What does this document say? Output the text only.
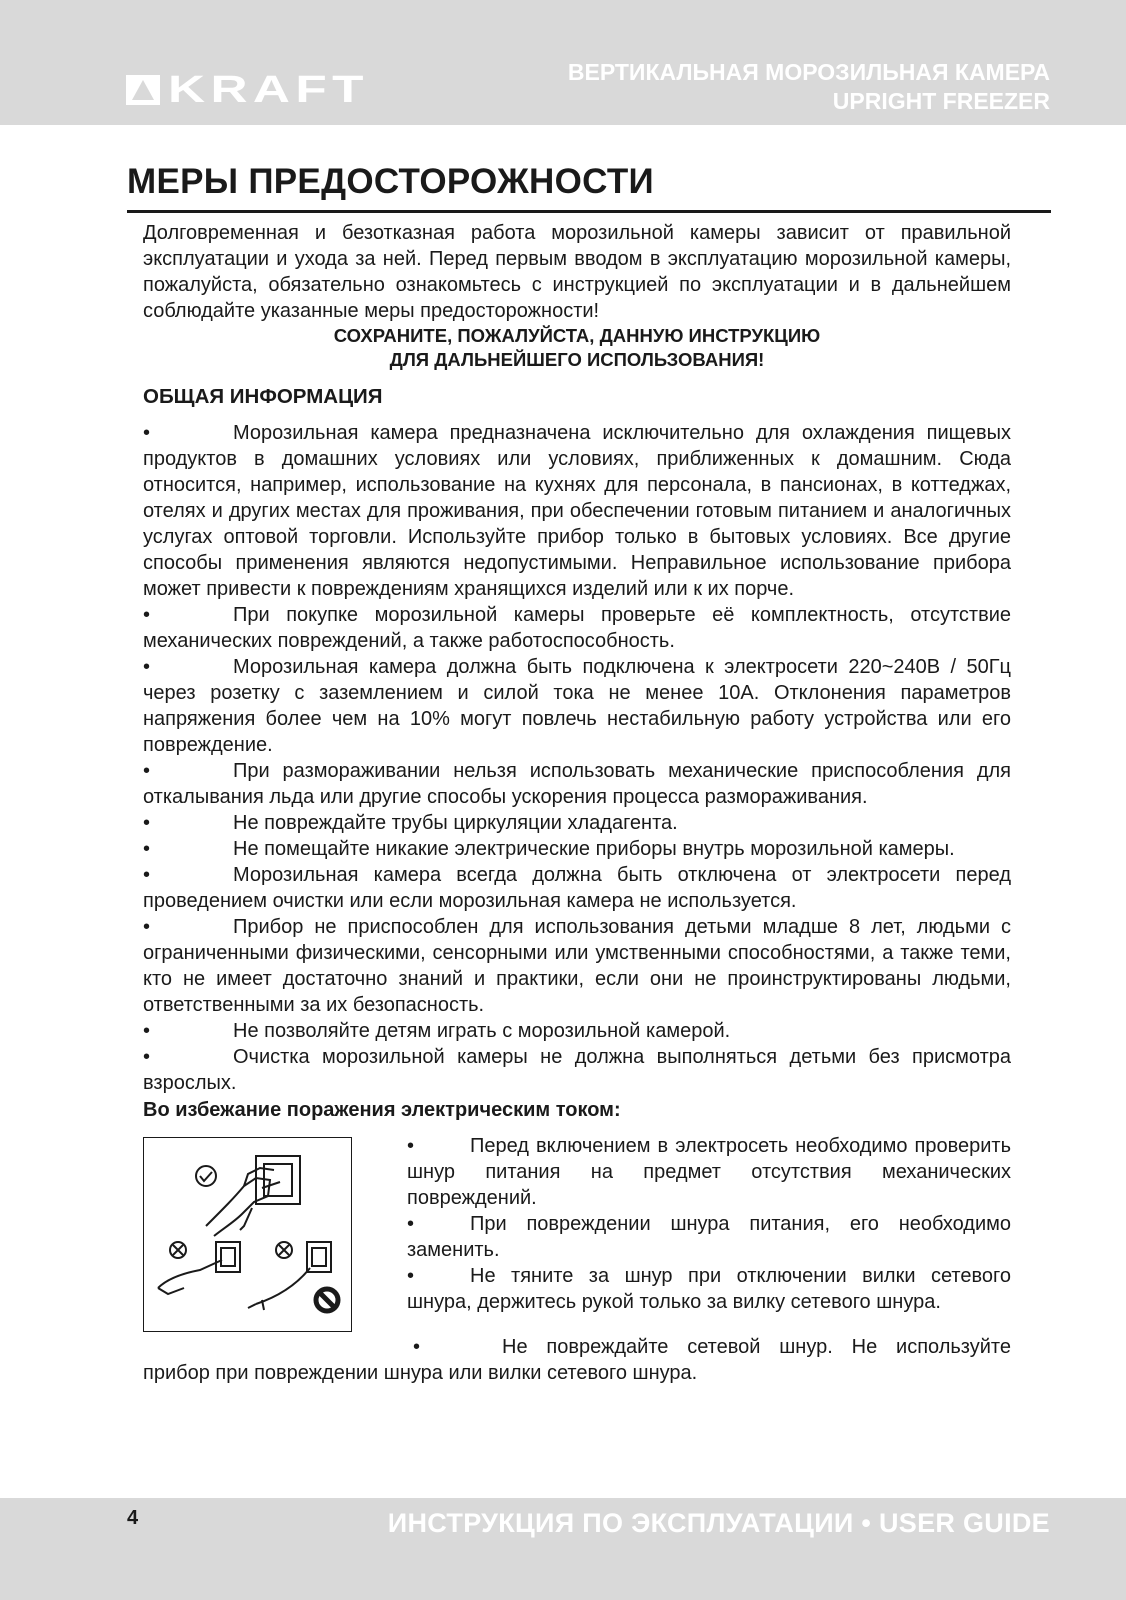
KRAFT	ВЕРТИКАЛЬНАЯ МОРОЗИЛЬНАЯ КАМЕРА
UPRIGHT FREEZER
МЕРЫ ПРЕДОСТОРОЖНОСТИ

Долговременная и безотказная работа морозильной камеры зависит от правильной эксплуатации и ухода за ней. Перед первым вводом в эксплуатацию морозильной камеры, пожалуйста, обязательно ознакомьтесь с инструкцией по эксплуатации и в дальнейшем соблюдайте указанные меры предосторожности!

СОХРАНИТЕ, ПОЖАЛУЙСТА, ДАННУЮ ИНСТРУКЦИЮ

ДЛЯ ДАЛЬНЕЙШЕГО ИСПОЛЬЗОВАНИЯ!

ОБЩАЯ ИНФОРМАЦИЯ

•	Морозильная камера предназначена исключительно для охлаждения пищевых продуктов в домашних условиях или условиях, приближенных к домашним. Сюда относится, например, использование на кухнях для персонала, в пансионах, в коттеджах, отелях и других местах для проживания, при обеспечении готовым питанием и аналогичных услугах оптовой торговли. Используйте прибор только в бытовых условиях. Все другие способы применения являются недопустимыми. Неправильное использование прибора может привести к повреждениям хранящихся изделий или к их порче.

•	При покупке морозильной камеры проверьте её комплектность, отсутствие механических повреждений, а также работоспособность.

•	Морозильная камера должна быть подключена к электросети 220~240В / 50Гц через розетку с заземлением и силой тока не менее 10А. Отклонения параметров напряжения более чем на 10% могут повлечь нестабильную работу устройства или его повреждение.

•	При размораживании нельзя использовать механические приспособления для откалывания льда или другие способы ускорения процесса размораживания.

•	Не повреждайте трубы циркуляции хладагента.

•	Не помещайте никакие электрические приборы внутрь морозильной камеры.

•	Морозильная камера всегда должна быть отключена от электросети перед проведением очистки или если морозильная камера не используется.

•	Прибор не приспособлен для использования детьми младше 8 лет, людьми с ограниченными физическими, сенсорными или умственными способностями, а также теми, кто не имеет достаточно знаний и практики, если они не проинструктированы людьми, ответственными за их безопасность.

•	Не позволяйте детям играть с морозильной камерой.

•	Очистка морозильной камеры не должна выполняться детьми без присмотра взрослых.

Во избежание поражения электрическим током:

•	Перед включением в электросеть необходимо проверить шнур питания на предмет отсутствия механических повреждений.

•	При повреждении шнура питания, его необходимо заменить.

•	Не тяните за шнур при отключении вилки сетевого шнура, держитесь рукой только за вилку сетевого шнура.

•	Не повреждайте сетевой шнур. Не используйте прибор при повреждении шнура или вилки сетевого шнура.

4	ИНСТРУКЦИЯ ПО ЭКСПЛУАТАЦИИ • USER GUIDE
